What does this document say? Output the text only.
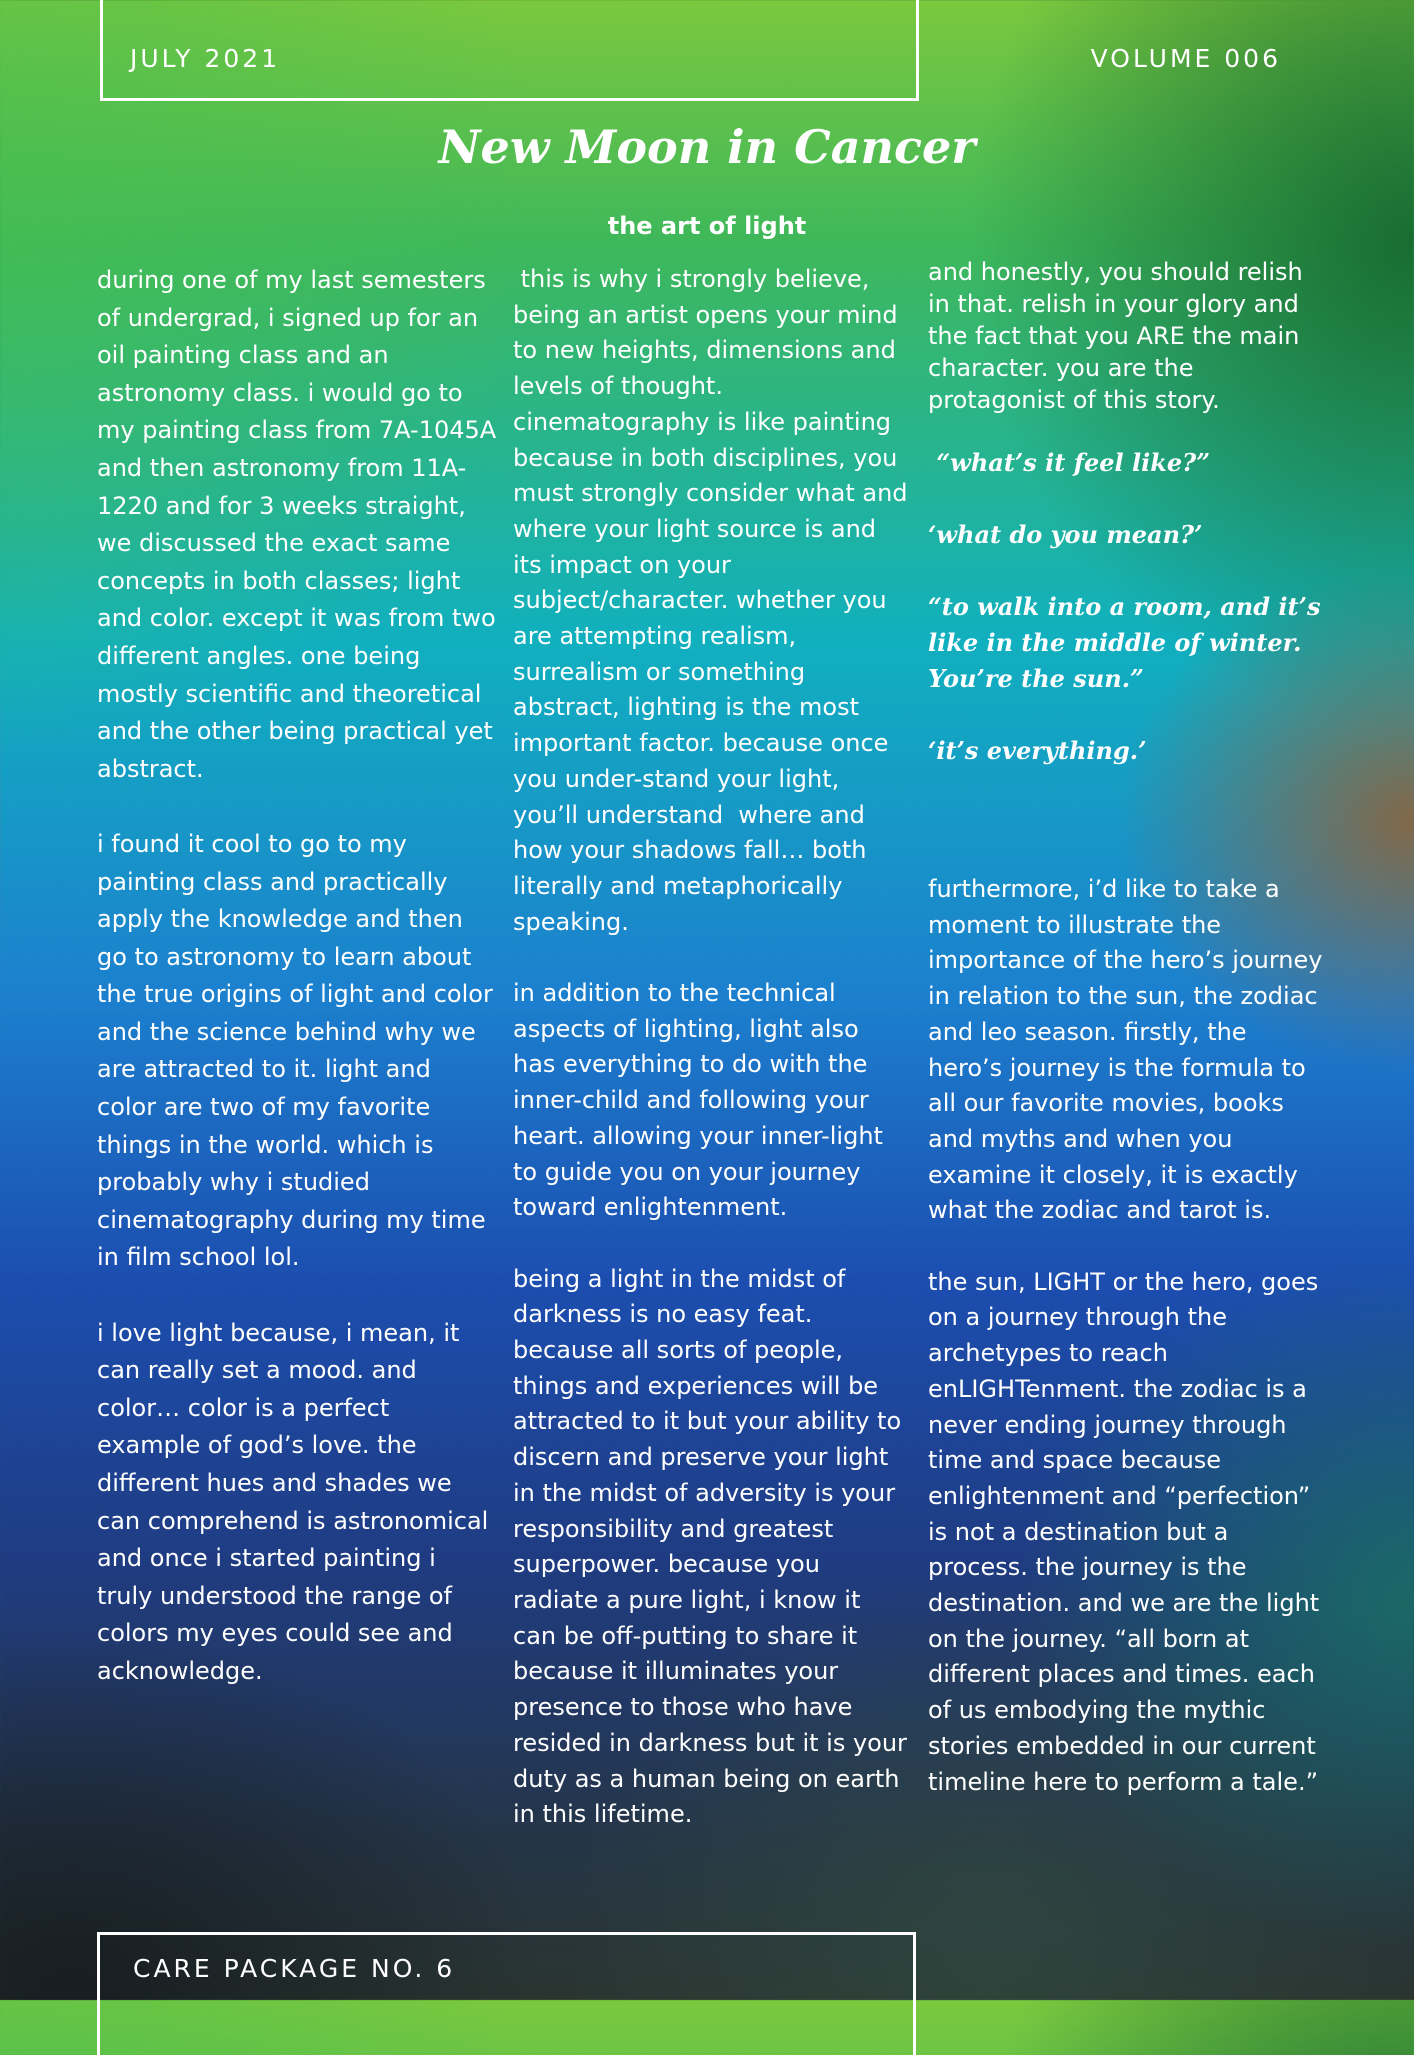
JULY 2021	VOLUME 006
New Moon in Cancer
the art of light

during one of my last semesters of undergrad, i signed up for an oil painting class and an astronomy class. i would go to my painting class from 7A-1045A and then astronomy from 11A-1220 and for 3 weeks straight, we discussed the exact same concepts in both classes; light and color. except it was from two different angles. one being mostly scientific and theoretical and the other being practical yet abstract.

i found it cool to go to my painting class and practically apply the knowledge and then go to astronomy to learn about the true origins of light and color and the science behind why we are attracted to it. light and color are two of my favorite things in the world. which is probably why i studied cinematography during my time in film school lol.

i love light because, i mean, it can really set a mood. and color… color is a perfect example of god’s love. the different hues and shades we can comprehend is astronomical and once i started painting i truly understood the range of colors my eyes could see and acknowledge.

this is why i strongly believe, being an artist opens your mind to new heights, dimensions and levels of thought. cinematography is like painting because in both disciplines, you must strongly consider what and where your light source is and its impact on your subject/character. whether you are attempting realism, surrealism or something abstract, lighting is the most important factor. because once you under-stand your light, you’ll understand  where and how your shadows fall… both literally and metaphorically speaking.

in addition to the technical aspects of lighting, light also has everything to do with the inner-child and following your heart. allowing your inner-light to guide you on your journey toward enlightenment.

being a light in the midst of darkness is no easy feat. because all sorts of people, things and experiences will be attracted to it but your ability to discern and preserve your light in the midst of adversity is your responsibility and greatest superpower. because you radiate a pure light, i know it can be off-putting to share it because it illuminates your presence to those who have resided in darkness but it is your duty as a human being on earth in this lifetime.

and honestly, you should relish in that. relish in your glory and the fact that you ARE the main character. you are the protagonist of this story.

“what’s it feel like?”

‘what do you mean?’

“to walk into a room, and it’s like in the middle of winter. You’re the sun.”

‘it’s everything.’

furthermore, i’d like to take a moment to illustrate the importance of the hero’s journey in relation to the sun, the zodiac and leo season. firstly, the hero’s journey is the formula to all our favorite movies, books and myths and when you examine it closely, it is exactly what the zodiac and tarot is.

the sun, LIGHT or the hero, goes on a journey through the archetypes to reach enLIGHTenment. the zodiac is a never ending journey through time and space because enlightenment and “perfection” is not a destination but a process. the journey is the destination. and we are the light on the journey. “all born at different places and times. each of us embodying the mythic stories embedded in our current timeline here to perform a tale.”

CARE PACKAGE NO. 6
